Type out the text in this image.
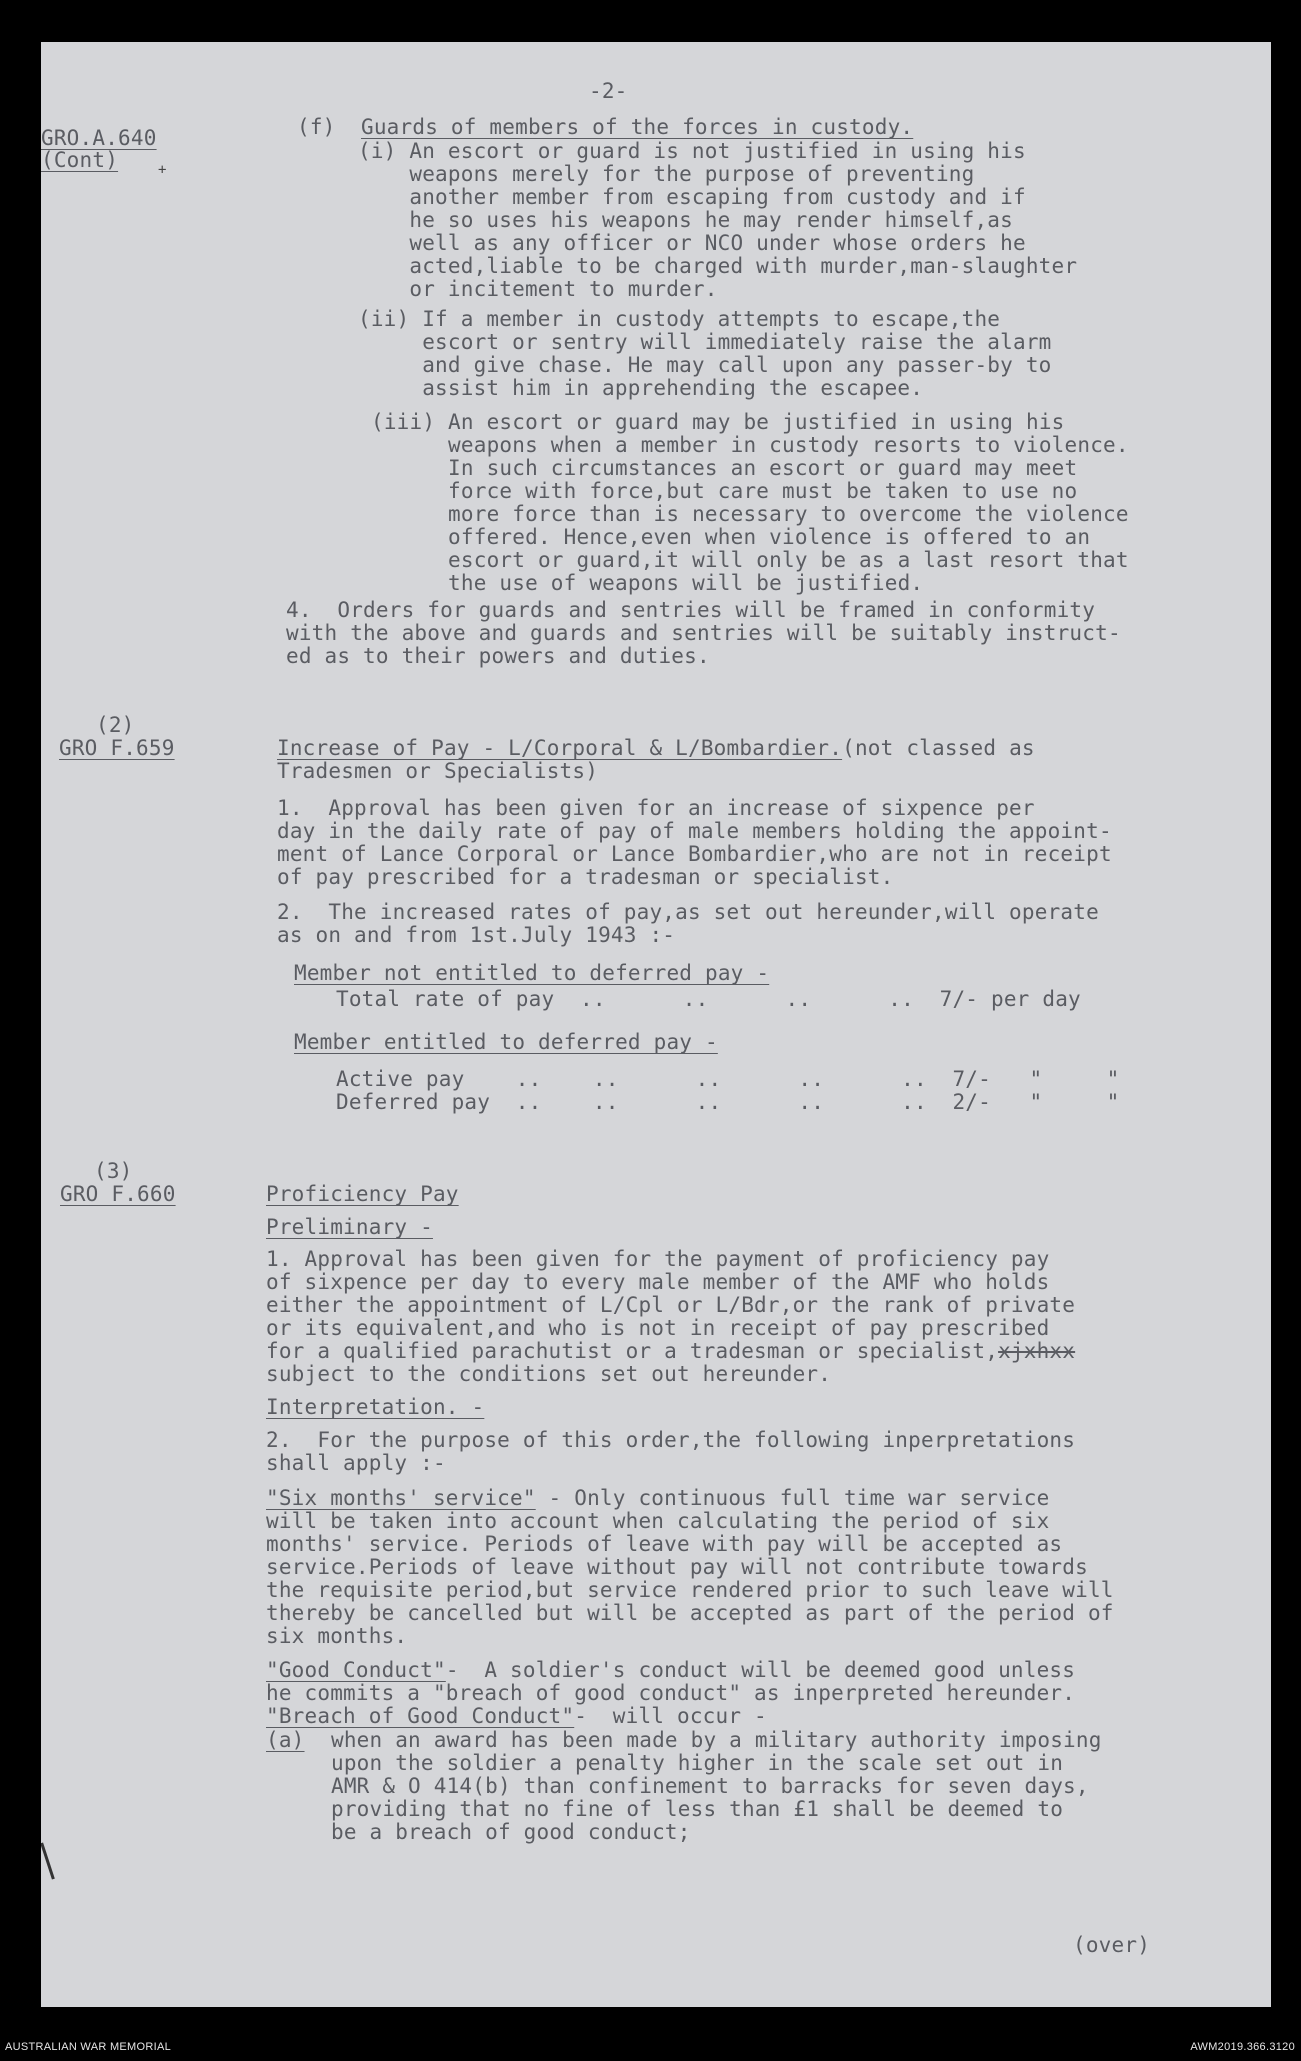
-2-
GRO.A.640
(Cont)	+
(f) Guards of members of the forces in custody.
(i) An escort or guard is not justified in using his
weapons merely for the purpose of preventing
another member from escaping from custody and if
he so uses his weapons he may render himself,as
well as any officer or NCO under whose orders he
acted,liable to be charged with murder,man-slaughter
or incitement to murder.
(ii) If a member in custody attempts to escape,the
escort or sentry will immediately raise the alarm
and give chase. He may call upon any passer-by to
assist him in apprehending the escapee.
(iii) An escort or guard may be justified in using his
weapons when a member in custody resorts to violence.
In such circumstances an escort or guard may meet
force with force,but care must be taken to use no
more force than is necessary to overcome the violence
offered. Hence,even when violence is offered to an
escort or guard,it will only be as a last resort that
the use of weapons will be justified.
4.  Orders for guards and sentries will be framed in conformity
with the above and guards and sentries will be suitably instruct-
ed as to their powers and duties.
(2)
GRO F.659	Increase of Pay - L/Corporal & L/Bombardier.(not classed as
Tradesmen or Specialists)
1.  Approval has been given for an increase of sixpence per
day in the daily rate of pay of male members holding the appoint-
ment of Lance Corporal or Lance Bombardier,who are not in receipt
of pay prescribed for a tradesman or specialist.
2.  The increased rates of pay,as set out hereunder,will operate
as on and from 1st.July 1943 :-
Member not entitled to deferred pay -
Total rate of pay  ..      ..      ..      ..  7/- per day
Member entitled to deferred pay -
Active pay    ..    ..      ..      ..      ..  7/-   "     "
Deferred pay  ..    ..      ..      ..      ..  2/-   "     "
(3)
GRO F.660	Proficiency Pay
Preliminary -
1. Approval has been given for the payment of proficiency pay
of sixpence per day to every male member of the AMF who holds
either the appointment of L/Cpl or L/Bdr,or the rank of private
or its equivalent,and who is not in receipt of pay prescribed
for a qualified parachutist or a tradesman or specialist,xjxhxx
subject to the conditions set out hereunder.
Interpretation. -
2.  For the purpose of this order,the following inperpretations
shall apply :-
"Six months' service" - Only continuous full time war service
will be taken into account when calculating the period of six
months' service. Periods of leave with pay will be accepted as
service.Periods of leave without pay will not contribute towards
the requisite period,but service rendered prior to such leave will
thereby be cancelled but will be accepted as part of the period of
six months.
"Good Conduct"-  A soldier's conduct will be deemed good unless
he commits a "breach of good conduct" as inperpreted hereunder.
"Breach of Good Conduct"-  will occur -
(a) when an award has been made by a military authority imposing
upon the soldier a penalty higher in the scale set out in
AMR & O 414(b) than confinement to barracks for seven days,
providing that no fine of less than £1 shall be deemed to
be a breach of good conduct;
(over)
AUSTRALIAN WAR MEMORIAL	AWM2019.366.3120
